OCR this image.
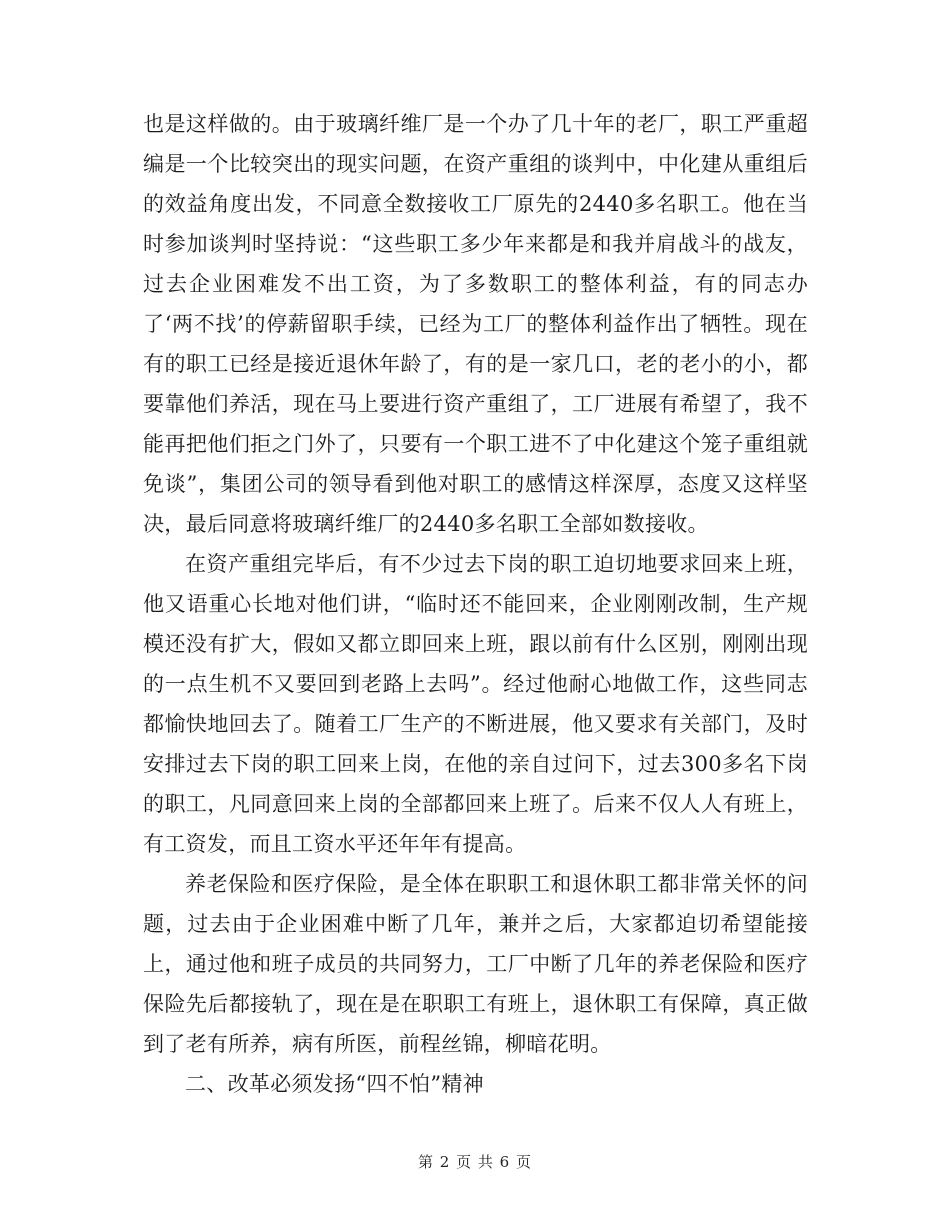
也是这样做的。由于玻璃纤维厂是一个办了几十年的老厂，职工严重超编是一个比较突出的现实问题，在资产重组的谈判中，中化建从重组后的效益角度出发，不同意全数接收工厂原先的2440多名职工。他在当时参加谈判时坚持说：“这些职工多少年来都是和我并肩战斗的战友，过去企业困难发不出工资，为了多数职工的整体利益，有的同志办了‘两不找’的停薪留职手续，已经为工厂的整体利益作出了牺牲。现在有的职工已经是接近退休年龄了，有的是一家几口，老的老小的小，都要靠他们养活，现在马上要进行资产重组了，工厂进展有希望了，我不能再把他们拒之门外了，只要有一个职工进不了中化建这个笼子重组就免谈”，集团公司的领导看到他对职工的感情这样深厚，态度又这样坚决，最后同意将玻璃纤维厂的2440多名职工全部如数接收。

在资产重组完毕后，有不少过去下岗的职工迫切地要求回来上班，他又语重心长地对他们讲，“临时还不能回来，企业刚刚改制，生产规模还没有扩大，假如又都立即回来上班，跟以前有什么区别，刚刚出现的一点生机不又要回到老路上去吗”。经过他耐心地做工作，这些同志都愉快地回去了。随着工厂生产的不断进展，他又要求有关部门，及时安排过去下岗的职工回来上岗，在他的亲自过问下，过去300多名下岗的职工，凡同意回来上岗的全部都回来上班了。后来不仅人人有班上，有工资发，而且工资水平还年年有提高。

养老保险和医疗保险，是全体在职职工和退休职工都非常关怀的问题，过去由于企业困难中断了几年，兼并之后，大家都迫切希望能接上，通过他和班子成员的共同努力，工厂中断了几年的养老保险和医疗保险先后都接轨了，现在是在职职工有班上，退休职工有保障，真正做到了老有所养，病有所医，前程丝锦，柳暗花明。

二、改革必须发扬“四不怕”精神

第 2 页 共 6 页
